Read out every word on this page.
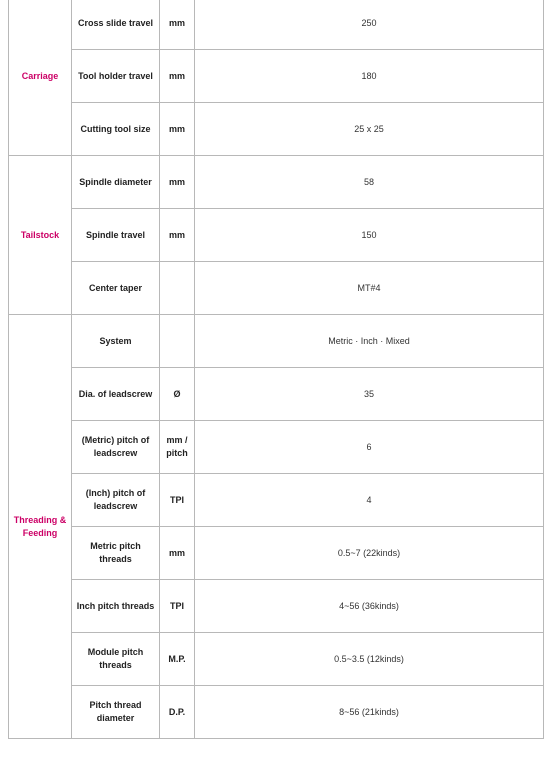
Carriage	Cross slide travel	mm	250
	Tool holder travel	mm	180
	Cutting tool size	mm	25 x 25
Tailstock	Spindle diameter	mm	58
	Spindle travel	mm	150
	Center taper		MT#4
Threading & Feeding	System		Metric · Inch · Mixed
	Dia. of leadscrew	Ø	35
	(Metric) pitch of leadscrew	mm / pitch	6
	(Inch) pitch of leadscrew	TPI	4
	Metric pitch threads	mm	0.5~7 (22kinds)
	Inch pitch threads	TPI	4~56 (36kinds)
	Module pitch threads	M.P.	0.5~3.5 (12kinds)
	Pitch thread diameter	D.P.	8~56 (21kinds)
